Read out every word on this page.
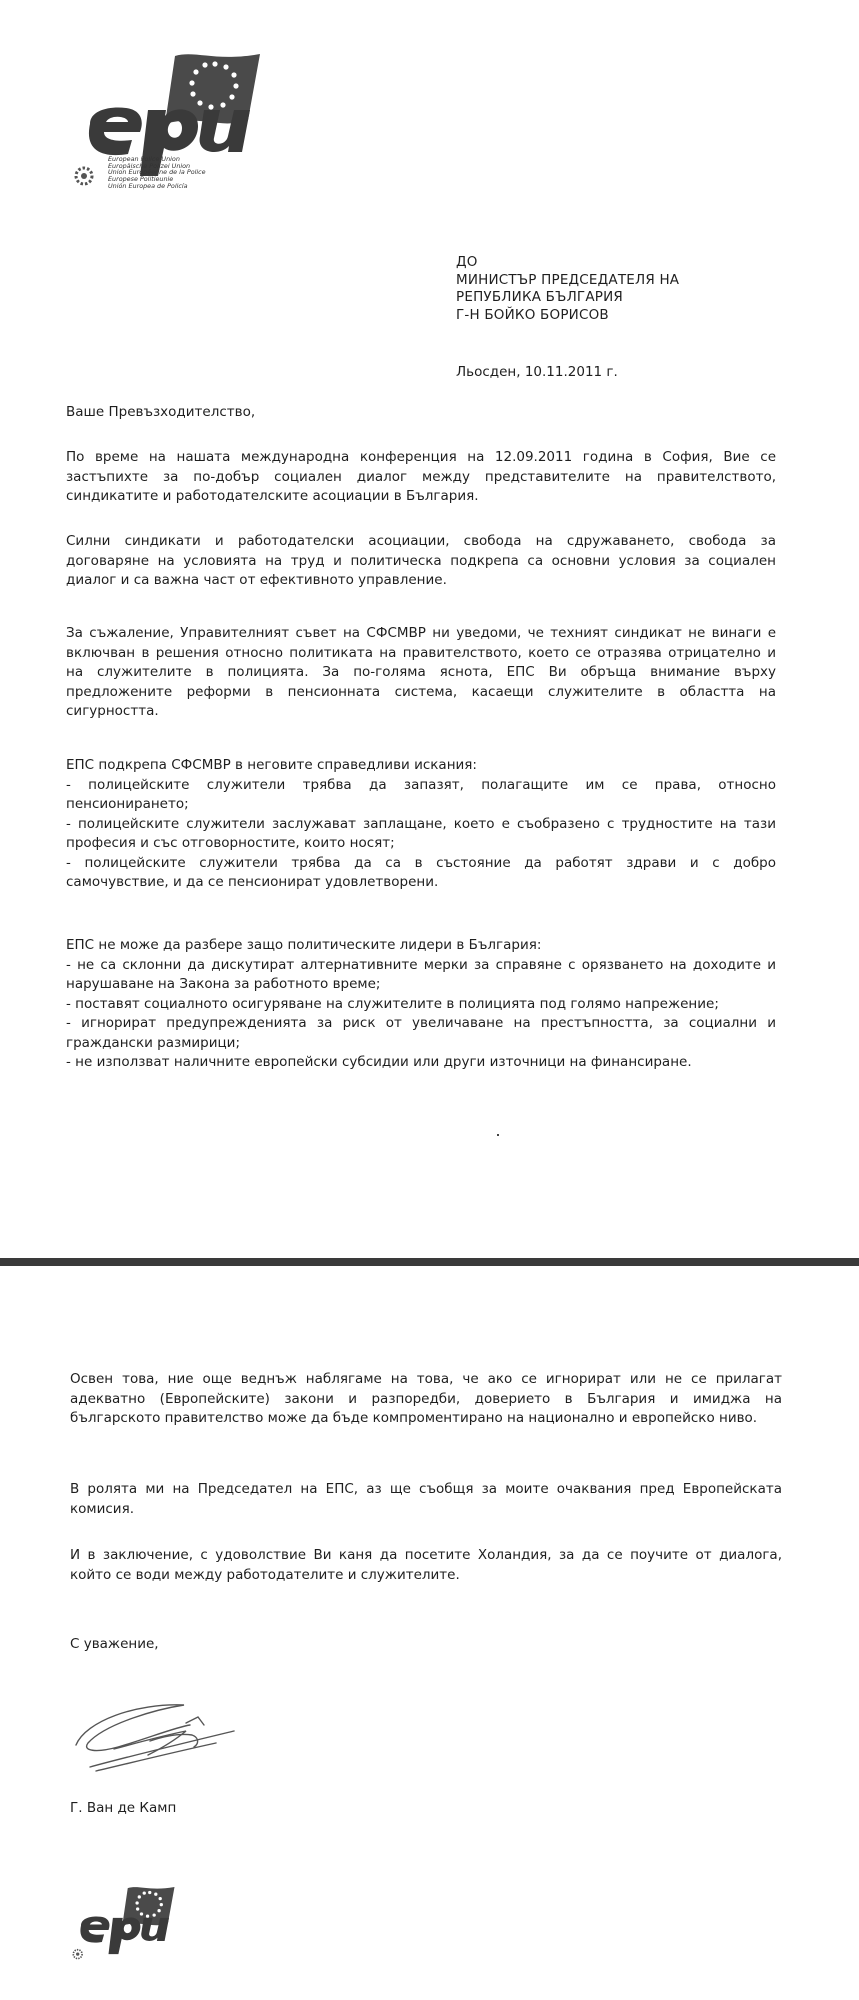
European Police Union
Europäische Polizei Union
Union Européenne de la Police
Europese Politieunie
Unión Europea de Policía
ДО
МИНИСТЪР ПРЕДСЕДАТЕЛЯ НА
РЕПУБЛИКА БЪЛГАРИЯ
Г-Н БОЙКО БОРИСОВ
Льосден, 10.11.2011 г.
Ваше Превъзходителство,
По време на нашата международна конференция на 12.09.2011 година в София, Вие се
застъпихте за по-добър социален диалог между представителите на правителството,
синдикатите и работодателските асоциации в България.
Силни синдикати и работодателски асоциации, свобода на сдружаването, свобода за
договаряне на условията на труд и политическа подкрепа са основни условия за социален
диалог и са важна част от ефективното управление.
За съжаление, Управителният съвет на СФСМВР ни уведоми, че техният синдикат не винаги е
включван в решения относно политиката на правителството, което се отразява отрицателно и
на служителите в полицията. За по-голяма яснота, ЕПС Ви обръща внимание върху
предложените реформи в пенсионната система, касаещи служителите в областта на
сигурността.
ЕПС подкрепа СФСМВР в неговите справедливи искания:
- полицейските служители трябва да запазят, полагащите им се права, относно
пенсионирането;
- полицейските служители заслужават заплащане, което е съобразено с трудностите на тази
професия и със отговорностите, които носят;
- полицейските служители трябва да са в състояние да работят здрави и с добро
самочувствие, и да се пенсионират удовлетворени.
ЕПС не може да разбере защо политическите лидери в България:
- не са склонни да дискутират алтернативните мерки за справяне с орязването на доходите и
нарушаване на Закона за работното време;
- поставят социалното осигуряване на служителите в полицията под голямо напрежение;
- игнорират предупрежденията за риск от увеличаване на престъпността, за социални и
граждански размирици;
- не използват наличните европейски субсидии или други източници на финансиране.
Освен това, ние още веднъж наблягаме на това, че ако се игнорират или не се прилагат
адекватно (Европейските) закони и разпоредби, доверието в България и имиджа на
българското правителство може да бъде компроментирано на национално и европейско ниво.
В ролята ми на Председател на ЕПС, аз ще съобщя за моите очаквания пред Европейската
комисия.
И в заключение, с удоволствие Ви каня да посетите Холандия, за да се поучите от диалога,
който се води между работодателите и служителите.
С уважение,
Г. Ван де Камп
